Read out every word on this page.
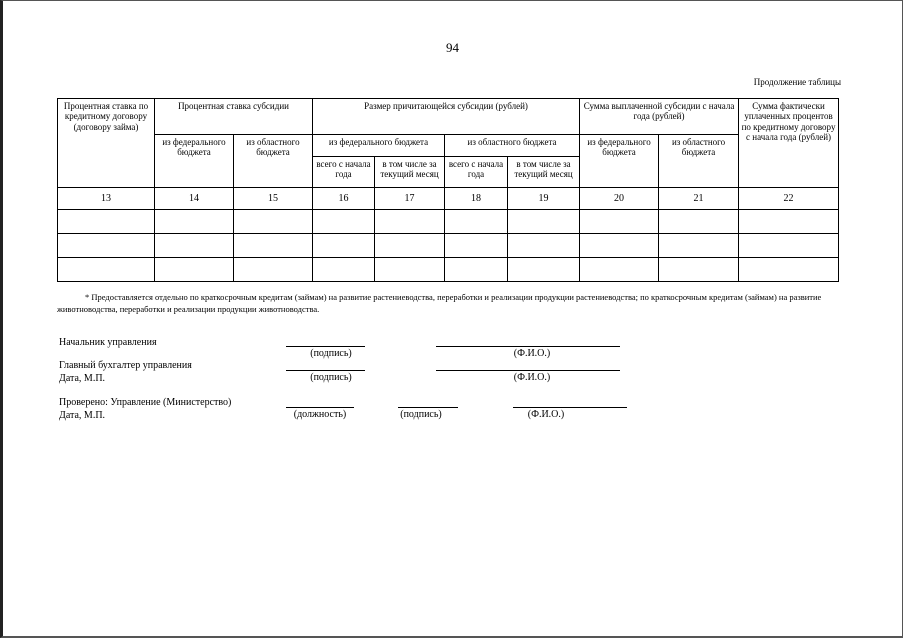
94
Продолжение таблицы
Процентная ставка по кредитному договору (договору займа)	Процентная ставка субсидии		Размер причитающейся субсидии (рублей)				Сумма выплаченной субсидии с начала года (рублей)		Сумма фактически уплаченных процентов по кредитному договору с начала года (рублей)
	из федерального бюджета	из областного бюджета	из федерального бюджета		из областного бюджета		из федерального бюджета	из областного бюджета	
			всего с начала года	в том числе за текущий месяц	всего с начала года	в том числе за текущий месяц			
13	14	15	16	17	18	19	20	21	22

* Предоставляется отдельно по краткосрочным кредитам (займам) на развитие растениеводства, переработки и реализации продукции растениеводства; по краткосрочным кредитам (займам) на развитие животноводства, переработки и реализации продукции животноводства.
Начальник управления
(подпись)	(Ф.И.О.)
Главный бухгалтер управления
Дата, М.П.	(подпись)	(Ф.И.О.)
Проверено: Управление (Министерство)
Дата, М.П.	(должность)	(подпись)	(Ф.И.О.)
